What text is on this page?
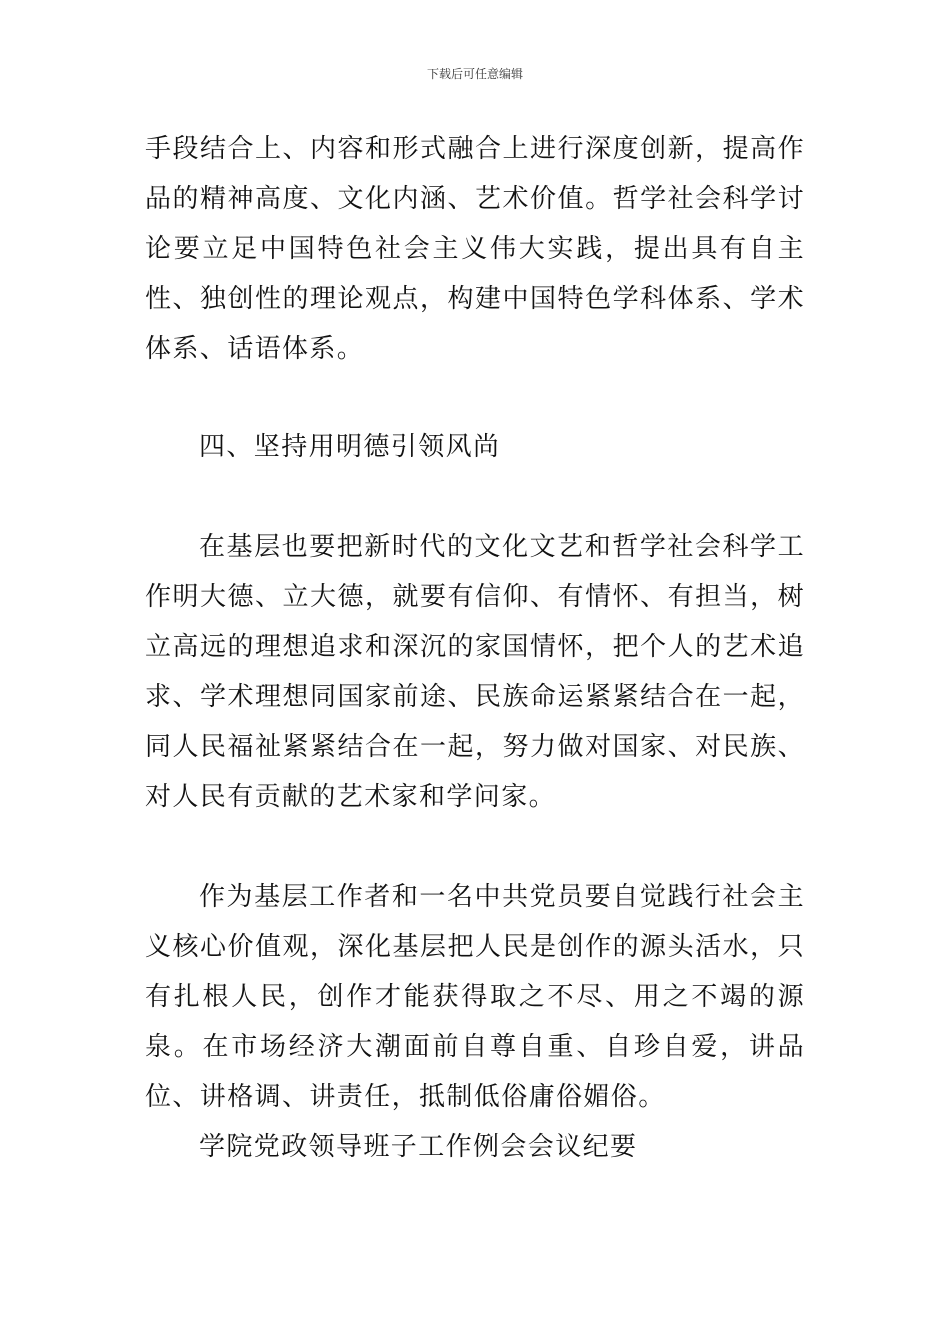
下载后可任意编辑

手段结合上、内容和形式融合上进行深度创新，提高作品的精神高度、文化内涵、艺术价值。哲学社会科学讨论要立足中国特色社会主义伟大实践，提出具有自主性、独创性的理论观点，构建中国特色学科体系、学术体系、话语体系。

四、坚持用明德引领风尚

在基层也要把新时代的文化文艺和哲学社会科学工作明大德、立大德，就要有信仰、有情怀、有担当，树立高远的理想追求和深沉的家国情怀，把个人的艺术追求、学术理想同国家前途、民族命运紧紧结合在一起，同人民福祉紧紧结合在一起，努力做对国家、对民族、对人民有贡献的艺术家和学问家。

作为基层工作者和一名中共党员要自觉践行社会主义核心价值观，深化基层把人民是创作的源头活水，只有扎根人民，创作才能获得取之不尽、用之不竭的源泉。在市场经济大潮面前自尊自重、自珍自爱，讲品位、讲格调、讲责任，抵制低俗庸俗媚俗。

学院党政领导班子工作例会会议纪要
